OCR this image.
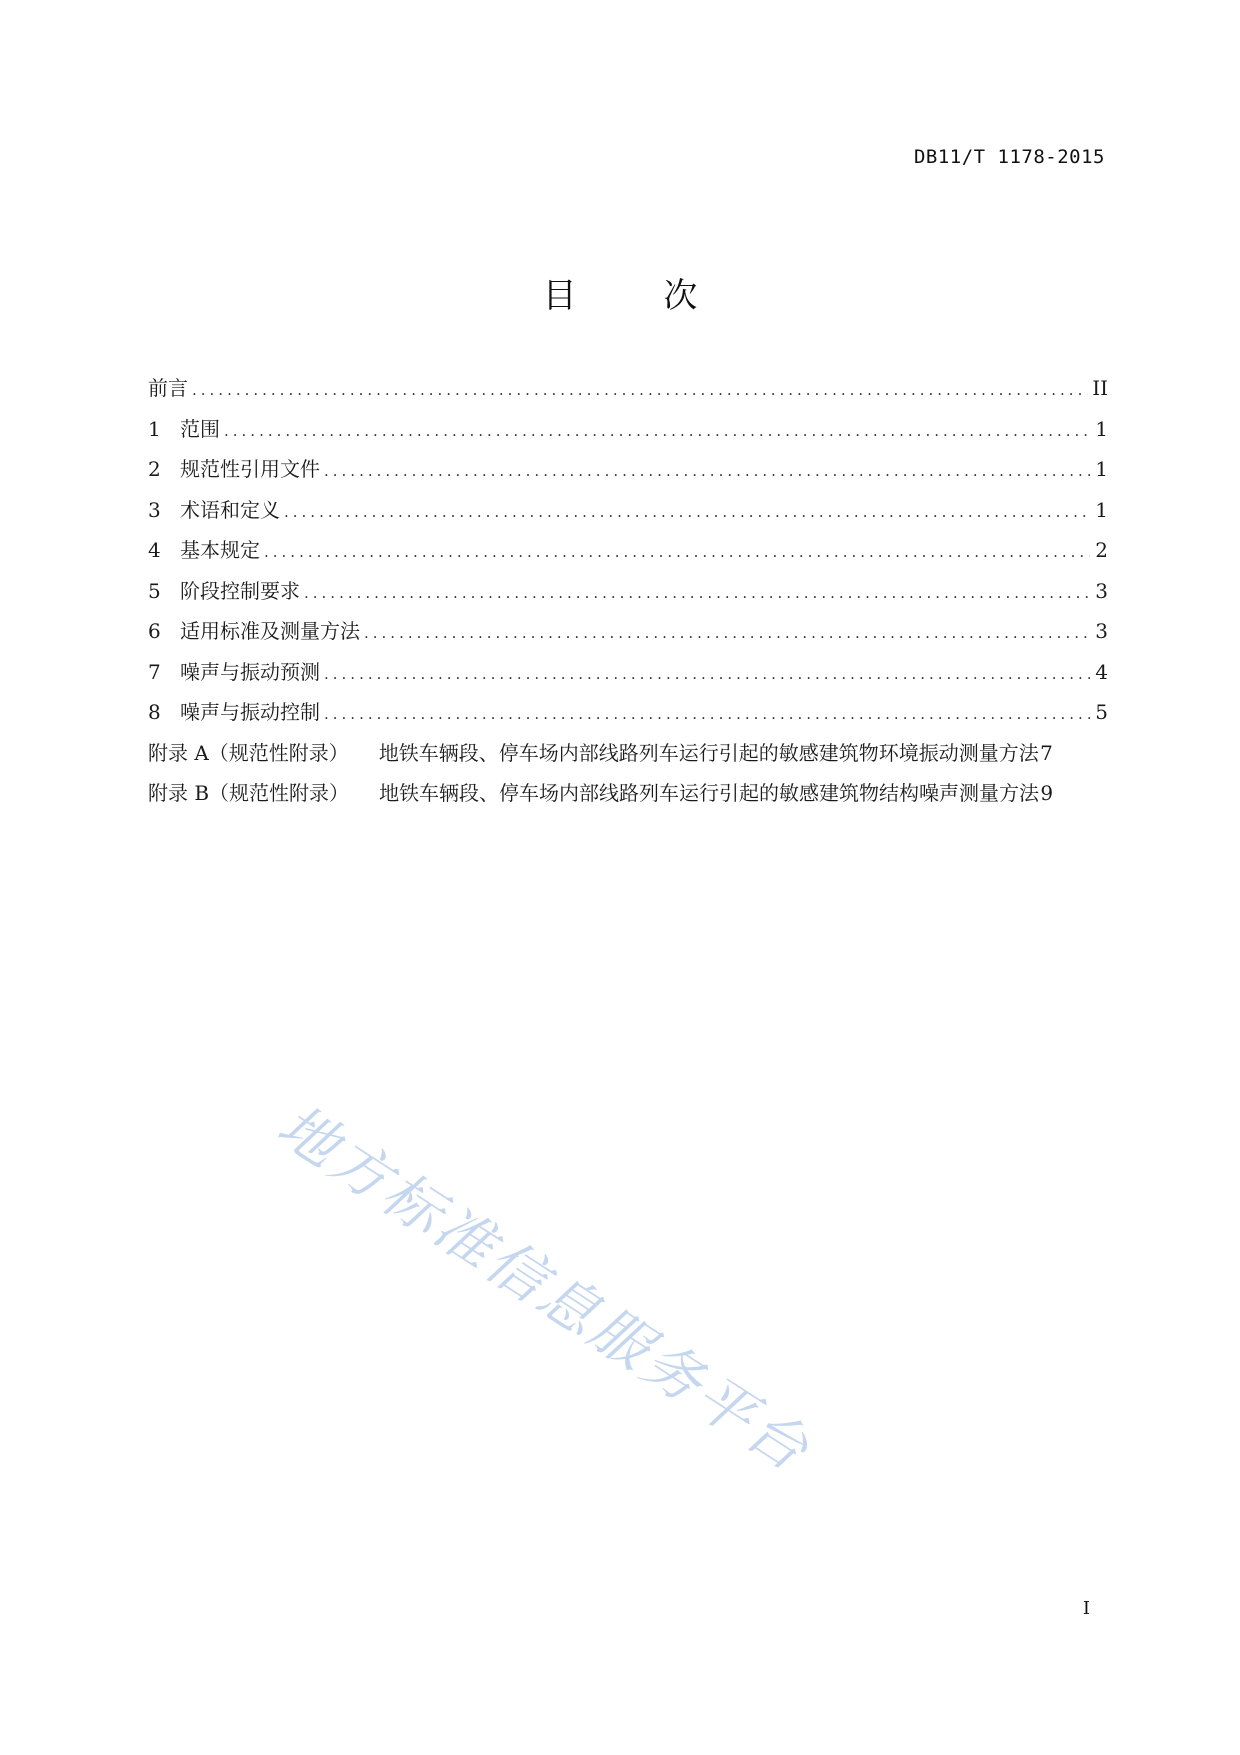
DB11/T 1178-2015
目 次
前言 .....	II
1 范围 .....	1
2 规范性引用文件 .....	1
3 术语和定义 .....	1
4 基本规定 .....	2
5 阶段控制要求 .....	3
6 适用标准及测量方法 .....	3
7 噪声与振动预测 .....	4
8 噪声与振动控制 .....	5
附录 A（规范性附录） 地铁车辆段、停车场内部线路列车运行引起的敏感建筑物环境振动测量方法 7
附录 B（规范性附录） 地铁车辆段、停车场内部线路列车运行引起的敏感建筑物结构噪声测量方法 9
地方标准信息服务平台
I
